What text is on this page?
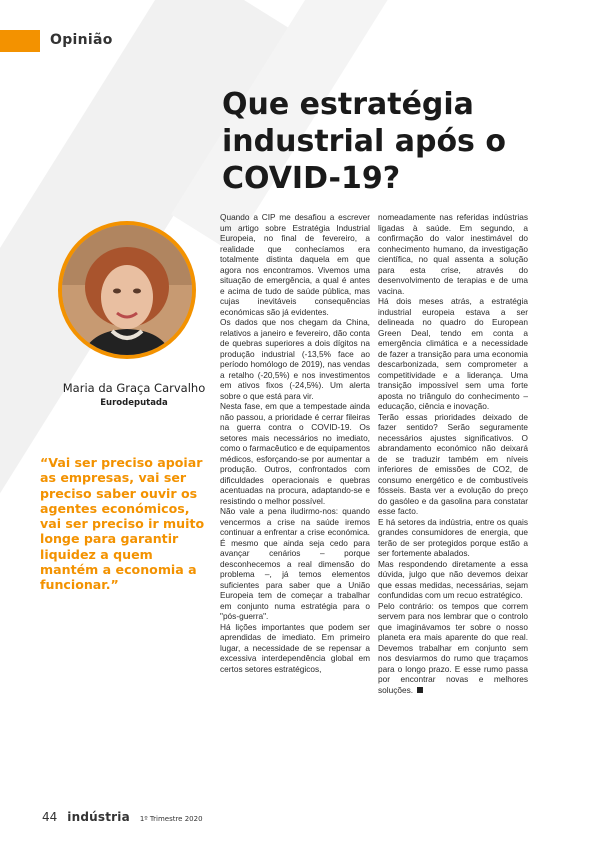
Opinião
Que estratégia industrial após o COVID-19?
Maria da Graça Carvalho
Eurodeputada
“Vai ser preciso apoiar as empresas, vai ser preciso saber ouvir os agentes económicos, vai ser preciso ir muito longe para garantir liquidez a quem mantém a economia a funcionar.”

Quando a CIP me desafiou a escrever um artigo sobre Estratégia Industrial Europeia, no final de fevereiro, a realidade que conhecíamos era totalmente distinta daquela em que agora nos encontramos. Vivemos uma situação de emergência, a qual é antes e acima de tudo de saúde pública, mas cujas inevitáveis consequências económicas são já evidentes.

Os dados que nos chegam da China, relativos a janeiro e fevereiro, dão conta de quebras superiores a dois dígitos na produção industrial (-13,5% face ao período homólogo de 2019), nas vendas a retalho (-20,5%) e nos investimentos em ativos fixos (-24,5%). Um alerta sobre o que está para vir.

Nesta fase, em que a tempestade ainda não passou, a prioridade é cerrar fileiras na guerra contra o COVID-19. Os setores mais necessários no imediato, como o farmacêutico e de equipamentos médicos, esforçando-se por aumentar a produção. Outros, confrontados com dificuldades operacionais e quebras acentuadas na procura, adaptando-se e resistindo o melhor possível.

Não vale a pena iludirmo-nos: quando vencermos a crise na saúde iremos continuar a enfrentar a crise económica. É mesmo que ainda seja cedo para avançar cenários – porque desconhecemos a real dimensão do problema –, já temos elementos suficientes para saber que a União Europeia tem de começar a trabalhar em conjunto numa estratégia para o "pós-guerra".

Há lições importantes que podem ser aprendidas de imediato. Em primeiro lugar, a necessidade de se repensar a excessiva interdependência global em certos setores estratégicos,

nomeadamente nas referidas indústrias ligadas à saúde. Em segundo, a confirmação do valor inestimável do conhecimento humano, da investigação científica, no qual assenta a solução para esta crise, através do desenvolvimento de terapias e de uma vacina.

Há dois meses atrás, a estratégia industrial europeia estava a ser delineada no quadro do European Green Deal, tendo em conta a emergência climática e a necessidade de fazer a transição para uma economia descarbonizada, sem comprometer a competitividade e a liderança. Uma transição impossível sem uma forte aposta no triângulo do conhecimento – educação, ciência e inovação.

Terão essas prioridades deixado de fazer sentido? Serão seguramente necessários ajustes significativos. O abrandamento económico não deixará de se traduzir também em níveis inferiores de emissões de CO2, de consumo energético e de combustíveis fósseis. Basta ver a evolução do preço do gasóleo e da gasolina para constatar esse facto.

E há setores da indústria, entre os quais grandes consumidores de energia, que terão de ser protegidos porque estão a ser fortemente abalados.

Mas respondendo diretamente a essa dúvida, julgo que não devemos deixar que essas medidas, necessárias, sejam confundidas com um recuo estratégico.

Pelo contrário: os tempos que correm servem para nos lembrar que o controlo que imaginávamos ter sobre o nosso planeta era mais aparente do que real. Devemos trabalhar em conjunto sem nos desviarmos do rumo que traçamos para o longo prazo. E esse rumo passa por encontrar novas e melhores soluções.

44 indústria 1º Trimestre 2020
